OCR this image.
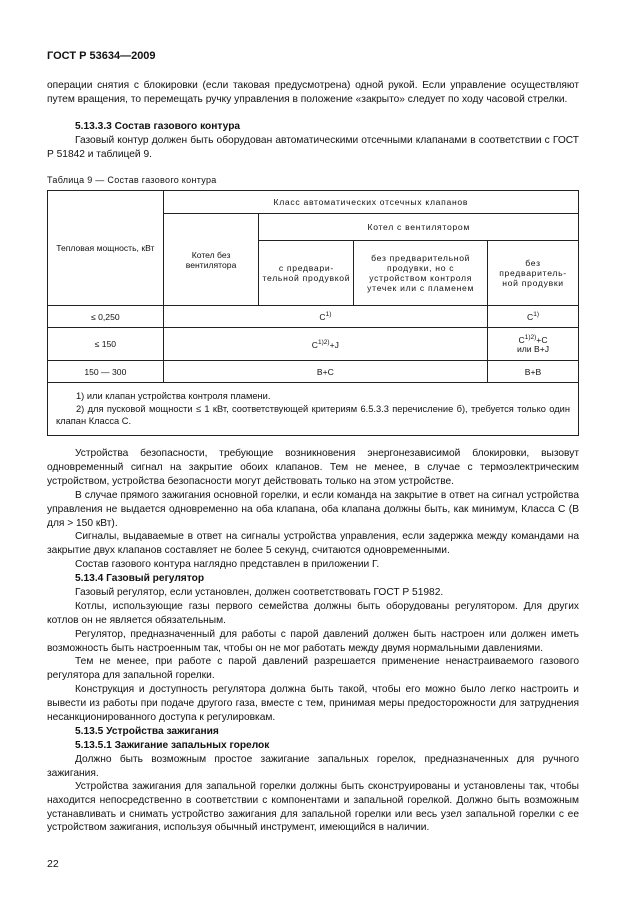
ГОСТ Р 53634—2009

операции снятия с блокировки (если таковая предусмотрена) одной рукой. Если управление осуществляют путем вращения, то перемещать ручку управления в положение «закрыто» следует по ходу часовой стрелки.

5.13.3.3 Состав газового контура

Газовый контур должен быть оборудован автоматическими отсечными клапанами в соответствии с ГОСТ Р 51842 и таблицей 9.

Таблица 9 — Состав газового контура
Тепловая мощность, кВт	Класс автоматических отсечных клапанов			
	Котел без вентилятора	Котел с вентилятором		
		с предвари-тельной продувкой	без предварительной продувки, но с устройством контроля утечек или с пламенем	без предваритель-ной продувки
≤ 0,250	$C^{1)}$			$C^{1)}$
≤ 150	$C^{1)2)}+J$			$C^{1)2)}+C$
или B+J
150 — 300	B+C			B+B

1) или клапан устройства контроля пламени.
2) для пусковой мощности ≤ 1 кВт, соответствующей критериям 6.5.3.3 перечисление б), требуется только один клапан Класса С.				

Устройства безопасности, требующие возникновения энергонезависимой блокировки, вызовут одновременный сигнал на закрытие обоих клапанов. Тем не менее, в случае с термоэлектрическим устройством, устройства безопасности могут действовать только на этом устройстве.

В случае прямого зажигания основной горелки, и если команда на закрытие в ответ на сигнал устройства управления не выдается одновременно на оба клапана, оба клапана должны быть, как минимум, Класса С (B для > 150 кВт).

Сигналы, выдаваемые в ответ на сигналы устройства управления, если задержка между командами на закрытие двух клапанов составляет не более 5 секунд, считаются одновременными.

Состав газового контура наглядно представлен в приложении Г.

5.13.4 Газовый регулятор

Газовый регулятор, если установлен, должен соответствовать ГОСТ Р 51982.

Котлы, использующие газы первого семейства должны быть оборудованы регулятором. Для других котлов он не является обязательным.

Регулятор, предназначенный для работы с парой давлений должен быть настроен или должен иметь возможность быть настроенным так, чтобы он не мог работать между двумя нормальными давлениями.

Тем не менее, при работе с парой давлений разрешается применение ненастраиваемого газового регулятора для запальной горелки.

Конструкция и доступность регулятора должна быть такой, чтобы его можно было легко настроить и вывести из работы при подаче другого газа, вместе с тем, принимая меры предосторожности для затруднения несанкционированного доступа к регулировкам.

5.13.5 Устройства зажигания

5.13.5.1 Зажигание запальных горелок

Должно быть возможным простое зажигание запальных горелок, предназначенных для ручного зажигания.

Устройства зажигания для запальной горелки должны быть сконструированы и установлены так, чтобы находится непосредственно в соответствии с компонентами и запальной горелкой. Должно быть возможным устанавливать и снимать устройство зажигания для запальной горелки или весь узел запальной горелки с ее устройством зажигания, используя обычный инструмент, имеющийся в наличии.

22
